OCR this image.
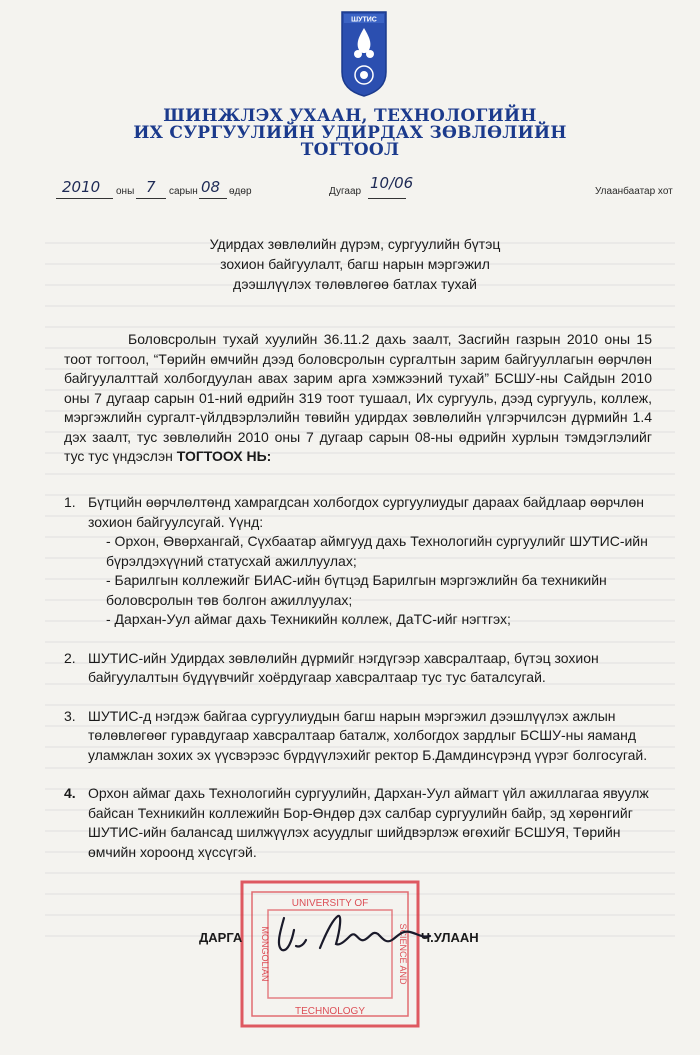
ШУТИС
ШИНЖЛЭХ УХААН, ТЕХНОЛОГИЙН
ИХ СУРГУУЛИЙН УДИРДАХ ЗӨВЛӨЛИЙН
ТОГТООЛ
2010 оны 7 сарын 08 өдөр	Дугаар 10/06	Улаанбаатар хот
Удирдах зөвлөлийн дүрэм, сургуулийн бүтэц
зохион байгуулалт, багш нарын мэргэжил
дээшлүүлэх төлөвлөгөө батлах тухай

Боловсролын тухай хуулийн 36.11.2 дахь заалт, Засгийн газрын 2010 оны 15 тоот тогтоол, “Төрийн өмчийн дээд боловсролын сургалтын зарим байгууллагын өөрчлөн байгуулалттай холбогдуулан авах зарим арга хэмжээний тухай” БСШУ-ны Сайдын 2010 оны 7 дугаар сарын 01-ний өдрийн 319 тоот тушаал, Их сургууль, дээд сургууль, коллеж, мэргэжлийн сургалт-үйлдвэрлэлийн төвийн удирдах зөвлөлийн үлгэрчилсэн дүрмийн 1.4 дэх заалт, тус зөвлөлийн 2010 оны 7 дугаар сарын 08-ны өдрийн хурлын тэмдэглэлийг тус тус үндэслэн ТОГТООХ НЬ:

1. Бүтцийн өөрчлөлтөнд хамрагдсан холбогдох сургуулиудыг дараах байдлаар өөрчлөн зохион байгуулсугай. Үүнд:
- Орхон, Өвөрхангай, Сүхбаатар аймгууд дахь Технологийн сургуулийг ШУТИС-ийн бүрэлдэхүүний статусхай ажиллуулах;
- Барилгын коллежийг БИАС-ийн бүтцэд Барилгын мэргэжлийн ба техникийн боловсролын төв болгон ажиллуулах;
- Дархан-Уул аймаг дахь Техникийн коллеж, ДаТС-ийг нэгтгэх;
2. ШУТИС-ийн Удирдах зөвлөлийн дүрмийг нэгдүгээр хавсралтаар, бүтэц зохион байгуулалтын бүдүүвчийг хоёрдугаар хавсралтаар тус тус баталсугай.
3. ШУТИС-д нэгдэж байгаа сургуулиудын багш нарын мэргэжил дээшлүүлэх ажлын төлөвлөгөөг гуравдугаар хавсралтаар баталж, холбогдох зардлыг БСШУ-ны яаманд уламжлан зохих эх үүсвэрээс бүрдүүлэхийг ректор Б.Дамдинсүрэнд үүрэг болгосугай.
4. Орхон аймаг дахь Технологийн сургуулийн, Дархан-Уул аймагт үйл ажиллагаа явуулж байсан Техникийн коллежийн Бор-Өндөр дэх салбар сургуулийн байр, эд хөрөнгийг ШУТИС-ийн балансад шилжүүлэх асуудлыг шийдвэрлэж өгөхийг БСШУЯ, Төрийн өмчийн хороонд хүссүгэй.
UNIVERSITY OF
MONGOLIAN	SCIENCE AND
TECHNOLOGY
ДАРГА	Ч.УЛААН
